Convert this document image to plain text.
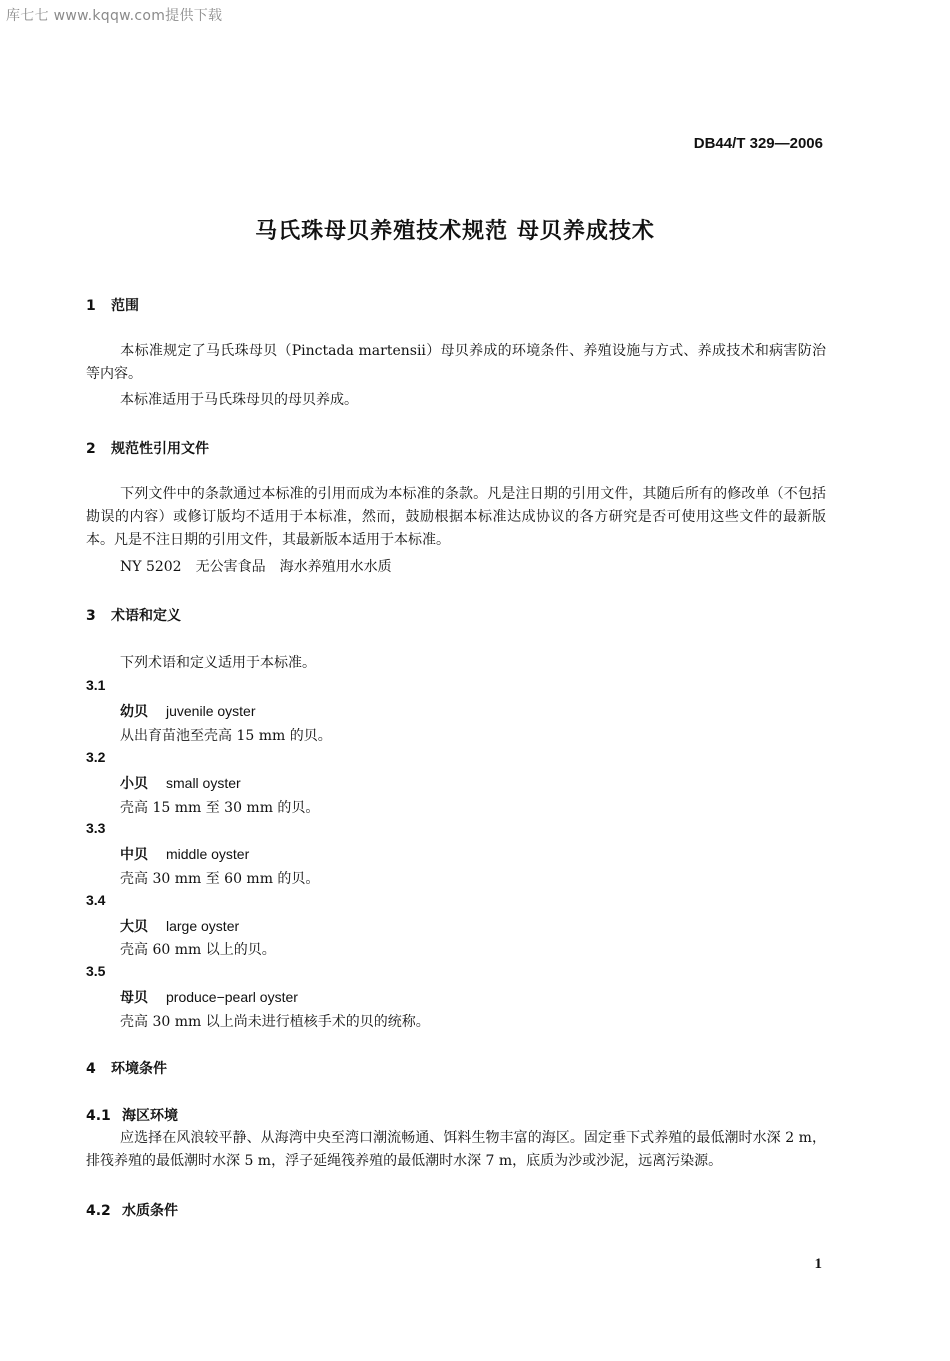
库七七 www.kqqw.com提供下载
DB44/T 329—2006
马氏珠母贝养殖技术规范 母贝养成技术
1 范围
本标准规定了马氏珠母贝（Pinctada martensii）母贝养成的环境条件、养殖设施与方式、养成技术和病害防治等内容。
本标准适用于马氏珠母贝的母贝养成。
2 规范性引用文件
下列文件中的条款通过本标准的引用而成为本标准的条款。凡是注日期的引用文件，其随后所有的修改单（不包括勘误的内容）或修订版均不适用于本标准，然而，鼓励根据本标准达成协议的各方研究是否可使用这些文件的最新版本。凡是不注日期的引用文件，其最新版本适用于本标准。
NY 5202　无公害食品　海水养殖用水水质
3 术语和定义
下列术语和定义适用于本标准。
3.1
幼贝 juvenile oyster
从出育苗池至壳高 15 mm 的贝。
3.2
小贝 small oyster
壳高 15 mm 至 30 mm 的贝。
3.3
中贝 middle oyster
壳高 30 mm 至 60 mm 的贝。
3.4
大贝 large oyster
壳高 60 mm 以上的贝。
3.5
母贝 produce−pearl oyster
壳高 30 mm 以上尚未进行植核手术的贝的统称。
4 环境条件
4.1 海区环境
应选择在风浪较平静、从海湾中央至湾口潮流畅通、饵料生物丰富的海区。固定垂下式养殖的最低潮时水深 2 m，排筏养殖的最低潮时水深 5 m，浮子延绳筏养殖的最低潮时水深 7 m，底质为沙或沙泥，远离污染源。
4.2 水质条件
1
